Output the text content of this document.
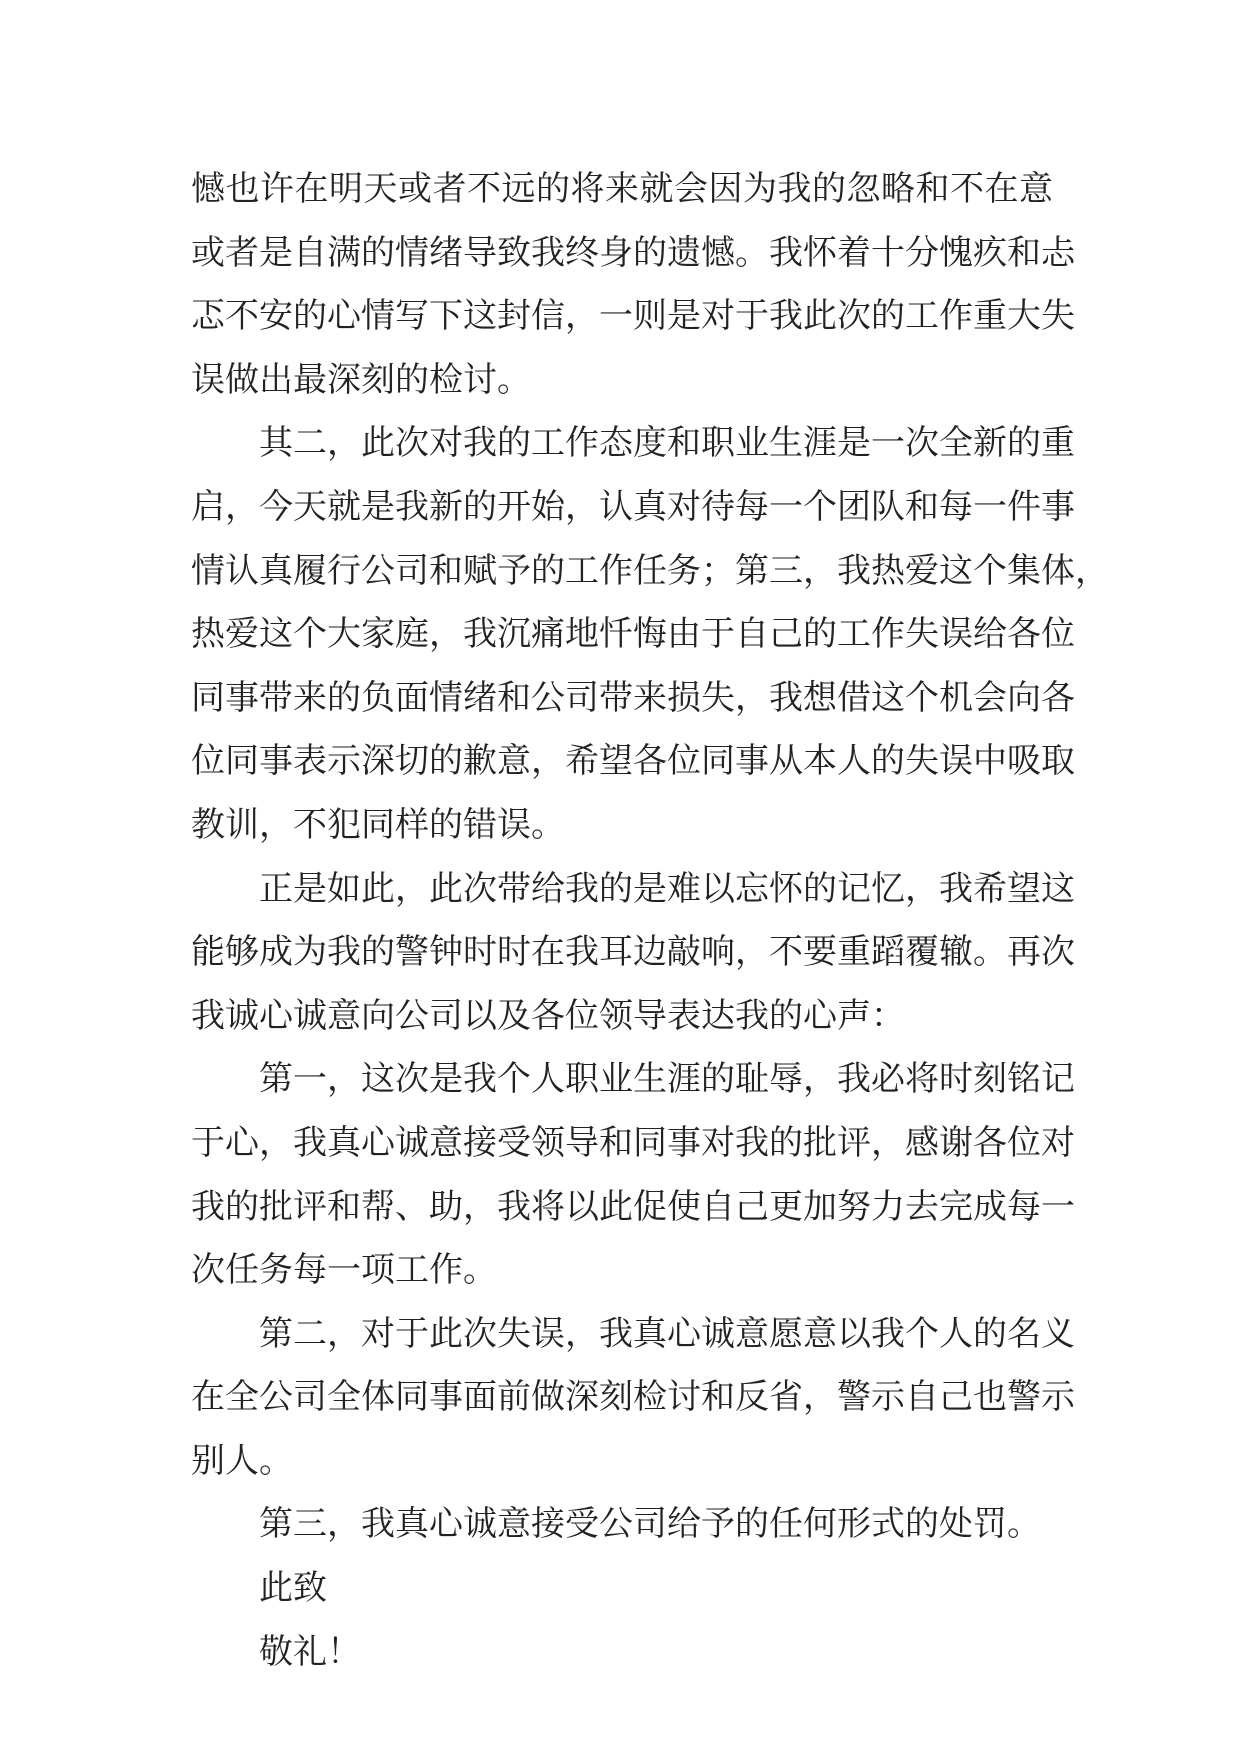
憾也许在明天或者不远的将来就会因为我的忽略和不在意
或者是自满的情绪导致我终身的遗憾。我怀着十分愧疚和忐
忑不安的心情写下这封信，一则是对于我此次的工作重大失
误做出最深刻的检讨。
其二，此次对我的工作态度和职业生涯是一次全新的重
启，今天就是我新的开始，认真对待每一个团队和每一件事
情认真履行公司和赋予的工作任务；第三，我热爱这个集体，
热爱这个大家庭，我沉痛地忏悔由于自己的工作失误给各位
同事带来的负面情绪和公司带来损失，我想借这个机会向各
位同事表示深切的歉意，希望各位同事从本人的失误中吸取
教训，不犯同样的错误。
正是如此，此次带给我的是难以忘怀的记忆，我希望这
能够成为我的警钟时时在我耳边敲响，不要重蹈覆辙。再次
我诚心诚意向公司以及各位领导表达我的心声：
第一，这次是我个人职业生涯的耻辱，我必将时刻铭记
于心，我真心诚意接受领导和同事对我的批评，感谢各位对
我的批评和帮、助，我将以此促使自己更加努力去完成每一
次任务每一项工作。
第二，对于此次失误，我真心诚意愿意以我个人的名义
在全公司全体同事面前做深刻检讨和反省，警示自己也警示
别人。
第三，我真心诚意接受公司给予的任何形式的处罚。
此致
敬礼！
